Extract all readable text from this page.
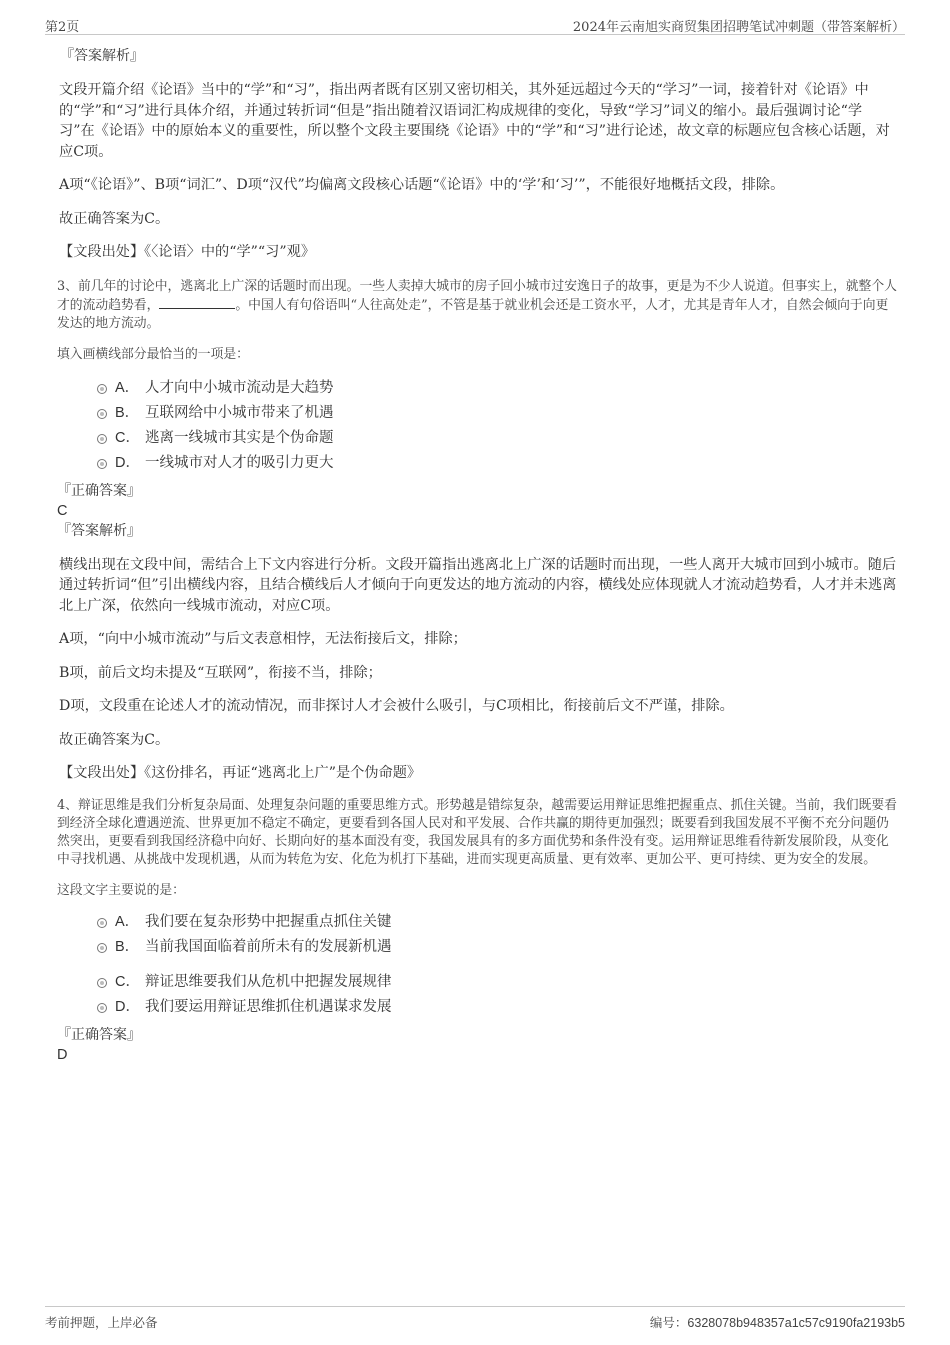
第2页	2024年云南旭实商贸集团招聘笔试冲刺题（带答案解析）
『答案解析』

文段开篇介绍《论语》当中的“学”和“习”，指出两者既有区别又密切相关，其外延远超过今天的“学习”一词，接着针对《论语》中的“学”和“习”进行具体介绍，并通过转折词“但是”指出随着汉语词汇构成规律的变化，导致“学习”词义的缩小。最后强调讨论“学习”在《论语》中的原始本义的重要性，所以整个文段主要围绕《论语》中的“学”和“习”进行论述，故文章的标题应包含核心话题，对应C项。

A项“《论语》”、B项“词汇”、D项“汉代”均偏离文段核心话题“《论语》中的‘学’和‘习’”，不能很好地概括文段，排除。

故正确答案为C。

【文段出处】《〈论语〉中的“学”“习”观》

3、前几年的讨论中，逃离北上广深的话题时而出现。一些人卖掉大城市的房子回小城市过安逸日子的故事，更是为不少人说道。但事实上，就整个人才的流动趋势看，	。中国人有句俗语叫“人往高处走”，不管是基于就业机会还是工资水平，人才，尤其是青年人才，自然会倾向于向更发达的地方流动。

填入画横线部分最恰当的一项是：

A． 人才向中小城市流动是大趋势
B． 互联网给中小城市带来了机遇
C． 逃离一线城市其实是个伪命题
D． 一线城市对人才的吸引力更大
『正确答案』
C
『答案解析』

横线出现在文段中间，需结合上下文内容进行分析。文段开篇指出逃离北上广深的话题时而出现，一些人离开大城市回到小城市。随后通过转折词“但”引出横线内容，且结合横线后人才倾向于向更发达的地方流动的内容，横线处应体现就人才流动趋势看，人才并未逃离北上广深，依然向一线城市流动，对应C项。

A项，“向中小城市流动”与后文表意相悖，无法衔接后文，排除；

B项，前后文均未提及“互联网”，衔接不当，排除；

D项，文段重在论述人才的流动情况，而非探讨人才会被什么吸引，与C项相比，衔接前后文不严谨，排除。

故正确答案为C。

【文段出处】《这份排名，再证“逃离北上广”是个伪命题》

4、辩证思维是我们分析复杂局面、处理复杂问题的重要思维方式。形势越是错综复杂，越需要运用辩证思维把握重点、抓住关键。当前，我们既要看到经济全球化遭遇逆流、世界更加不稳定不确定，更要看到各国人民对和平发展、合作共赢的期待更加强烈；既要看到我国发展不平衡不充分问题仍然突出，更要看到我国经济稳中向好、长期向好的基本面没有变，我国发展具有的多方面优势和条件没有变。运用辩证思维看待新发展阶段，从变化中寻找机遇、从挑战中发现机遇，从而为转危为安、化危为机打下基础，进而实现更高质量、更有效率、更加公平、更可持续、更为安全的发展。

这段文字主要说的是：

A． 我们要在复杂形势中把握重点抓住关键
B． 当前我国面临着前所未有的发展新机遇
C． 辩证思维要我们从危机中把握发展规律
D． 我们要运用辩证思维抓住机遇谋求发展
『正确答案』
D
考前押题，上岸必备	编号：6328078b948357a1c57c9190fa2193b5
